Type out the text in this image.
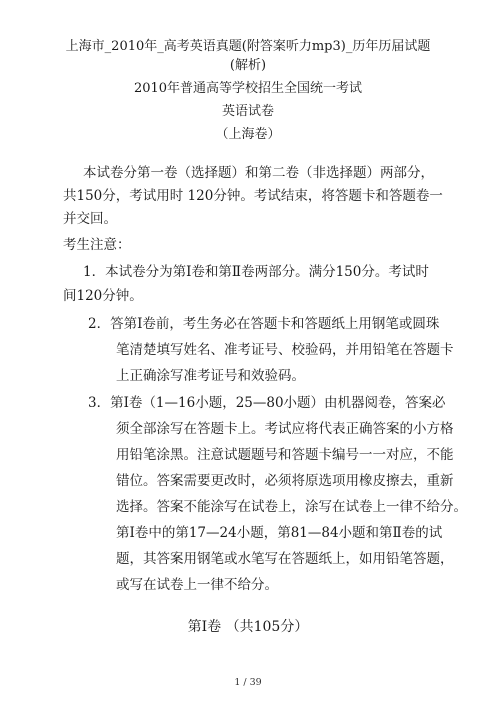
上海市_2010年_高考英语真题(附答案听力mp3)_历年历届试题
(解析)
2010年普通高等学校招生全国统一考试
英语试卷
（上海卷）
本试卷分第一卷（选择题）和第二卷（非选择题）两部分，
共150分，考试用时 120分钟。考试结束，将答题卡和答题卷一
并交回。
考生注意：
1．本试卷分为第Ⅰ卷和第Ⅱ卷两部分。满分150分。考试时
间120分钟。
2．答第Ⅰ卷前，考生务必在答题卡和答题纸上用钢笔或圆珠
笔清楚填写姓名、准考证号、校验码，并用铅笔在答题卡
上正确涂写准考证号和效验码。
3．第Ⅰ卷（1—16小题，25—80小题）由机器阅卷，答案必
须全部涂写在答题卡上。考试应将代表正确答案的小方格
用铅笔涂黑。注意试题题号和答题卡编号一一对应，不能
错位。答案需要更改时，必须将原选项用橡皮擦去，重新
选择。答案不能涂写在试卷上，涂写在试卷上一律不给分。
第Ⅰ卷中的第17—24小题，第81—84小题和第Ⅱ卷的试
题，其答案用钢笔或水笔写在答题纸上，如用铅笔答题，
或写在试卷上一律不给分。
第Ⅰ卷 （共105分）
1 / 39
